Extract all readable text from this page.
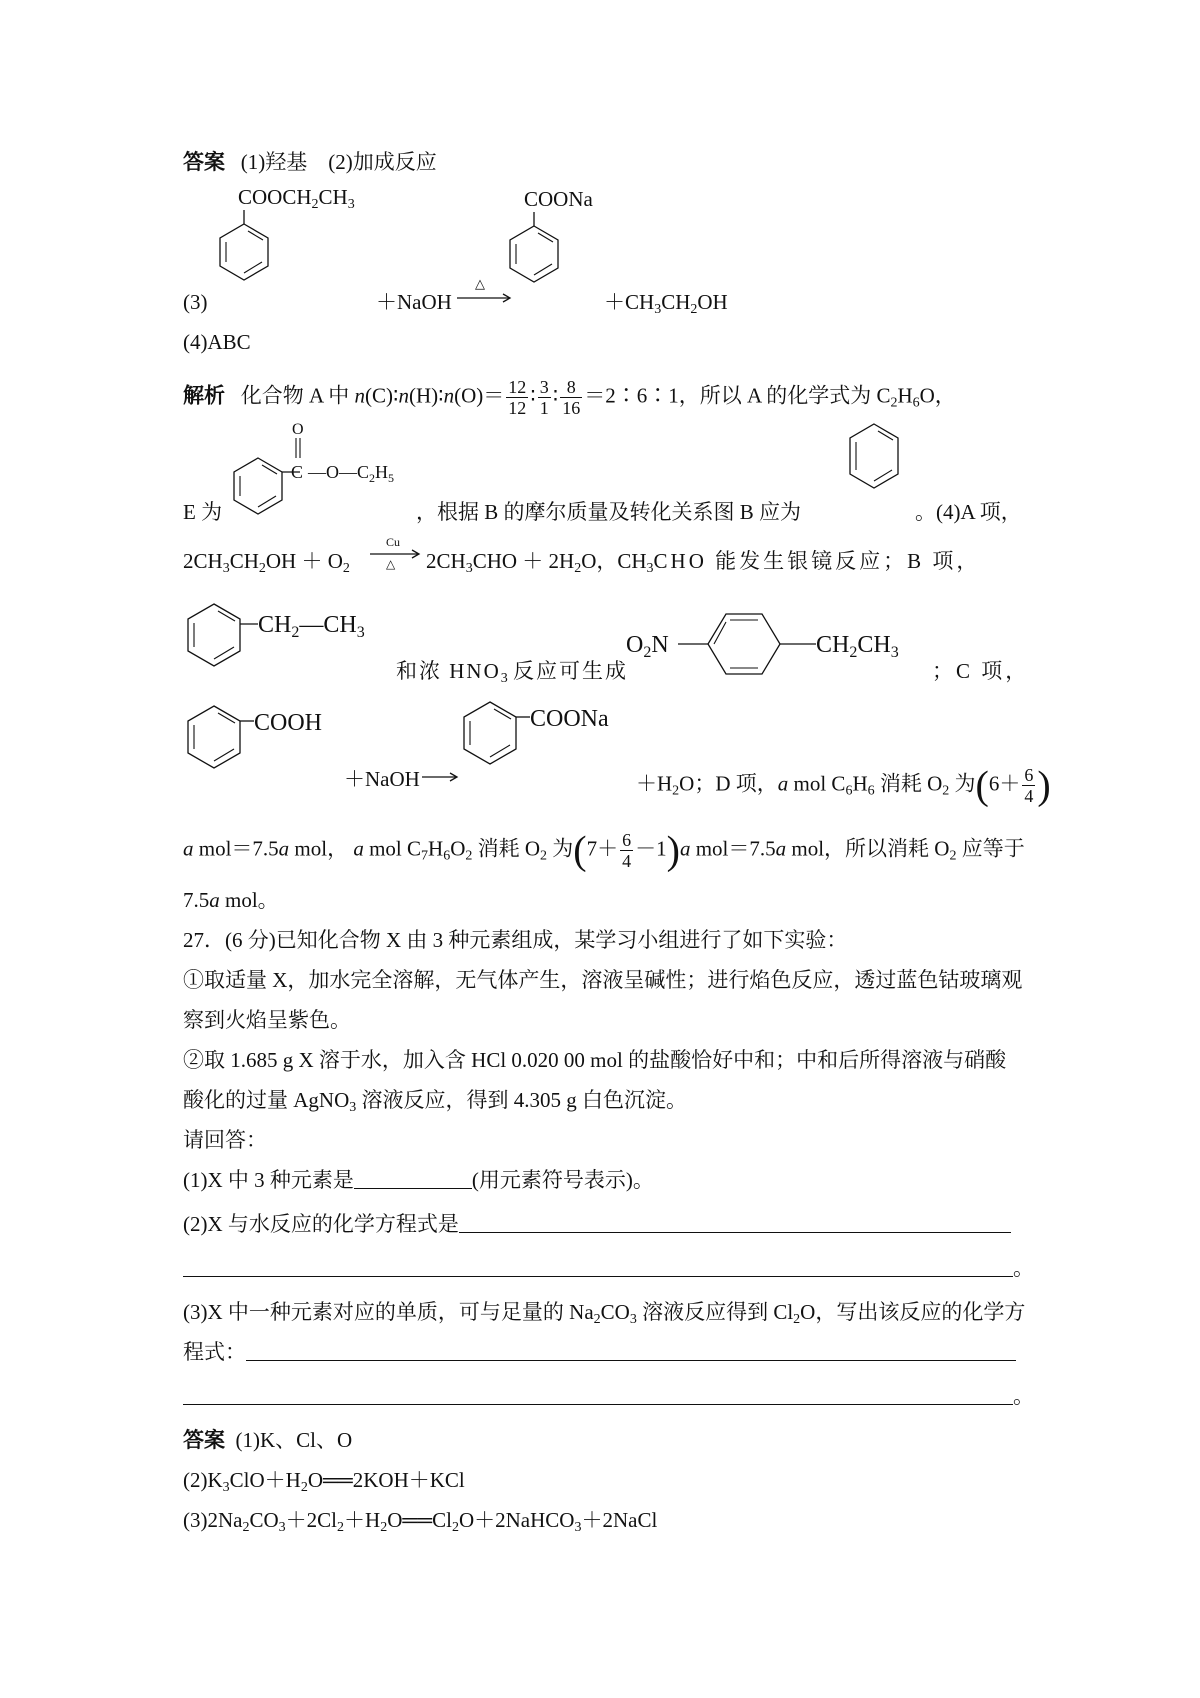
答案 (1)羟基　(2)加成反应
COOCH2CH3
(3)	＋NaOH
△
COONa
$+CH_3CH_2OH$
(4)ABC
解析 化合物 A 中 n(C)∶n(H)∶n(O)＝ $\frac{12}{12}$ ∶ $\frac{3}{1}$ ∶ $\frac{8}{16}$ ＝2∶6∶1，所以 A 的化学式为 $C_2H_6O$，
O
C $—O—C_2H_5$
E 为	，根据 B 的摩尔质量及转化关系图 B 应为	。(4)A 项，
$2CH_3CH_2OH + O_2$
Cu
△ $2CH_3CHO + 2H_2O$，$CH_3CHO$ 能发生银镜反应；B 项，
$CH_2—CH_3$
和浓 $HNO_3$ 反应可生成
$O_2N$	$CH_2CH_3$
；C 项，
COOH
＋NaOH →
COONa
$+H_2O$；D 项，a mol $C_6H_6$ 消耗 $O_2$ 为($6+ \frac{6}{4}$ )
a mol＝7.5a mol， a mol $C_7H_6O_2$ 消耗 $O_2$ 为$(7+ \frac{6}{4} -1)a$ mol＝7.5a mol，所以消耗 $O_2$ 应等于
7.5a mol。
27．(6 分)已知化合物 X 由 3 种元素组成，某学习小组进行了如下实验：
①取适量 X，加水完全溶解，无气体产生，溶液呈碱性；进行焰色反应，透过蓝色钴玻璃观
察到火焰呈紫色。
②取 1.685 g X 溶于水，加入含 HCl 0.020 00 mol 的盐酸恰好中和；中和后所得溶液与硝酸
酸化的过量 AgNO$_3$ 溶液反应，得到 4.305 g 白色沉淀。
请回答：
(1)X 中 3 种元素是	(用元素符号表示)。
(2)X 与水反应的化学方程式是
。
(3)X 中一种元素对应的单质，可与足量的 $Na_2CO_3$ 溶液反应得到 $Cl_2O$，写出该反应的化学方
程式：
。
答案 (1)K、Cl、O
$(2)K_3ClO+H_2O══2KOH+KCl$
$(3)2Na_2CO_3+2Cl_2+H_2O══Cl_2O+2NaHCO_3+2NaCl$
